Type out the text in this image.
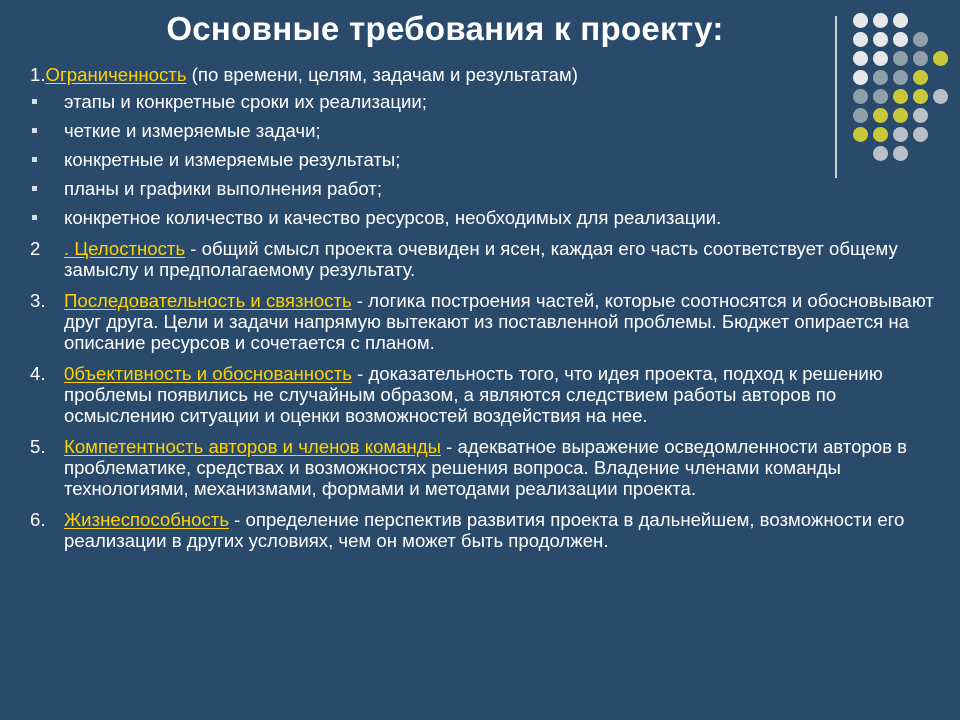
Основные требования к проекту:
1.Ограниченность (по времени, целям, задачам и результатам)
этапы и конкретные сроки их реализации;
четкие и измеряемые задачи;
конкретные и измеряемые результаты;
планы и графики выполнения работ;
конкретное количество и качество ресурсов, необходимых для реализации.
2 . Целостность - общий смысл проекта очевиден и ясен, каждая его часть соответствует общему замыслу и предполагаемому результату.
3. Последовательность и связность - логика построения частей, которые соотносятся и обосновывают друг друга. Цели и задачи напрямую вытекают из поставленной проблемы. Бюджет опирается на описание ресурсов и сочетается с планом.
4. 0бъективность и обоснованность - доказательность того, что идея проекта, подход к решению проблемы появились не случайным образом, а являются следствием работы авторов по осмыслению ситуации и оценки возможностей воздействия на нее.
5. Компетентность авторов и членов команды - адекватное выражение осведомленности авторов в проблематике, средствах и возможностях решения вопроса. Владение членами команды технологиями, механизмами, формами и методами реализации проекта.
6. Жизнеспособность - определение перспектив развития проекта в дальнейшем, возможности его реализации в других условиях, чем он может быть продолжен.
